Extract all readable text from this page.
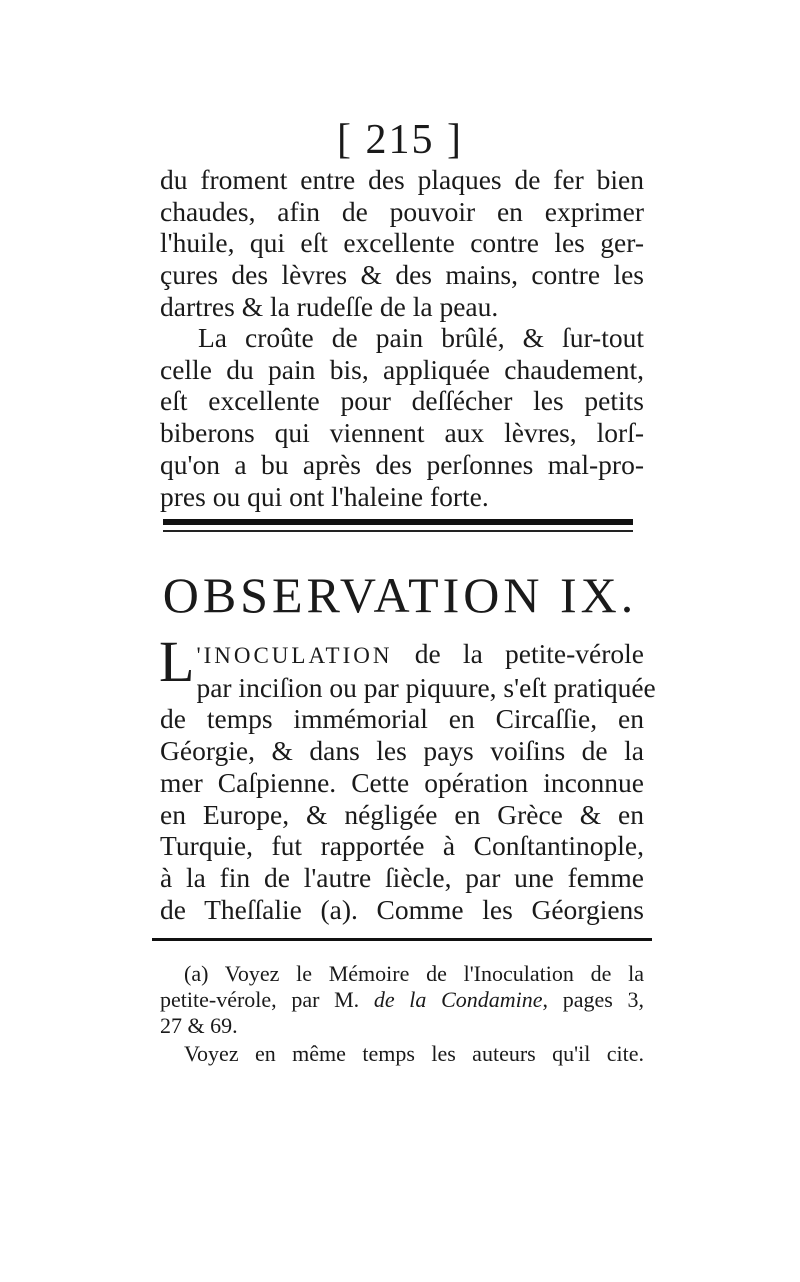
[ 215 ]
du froment entre des plaques de fer bien
chaudes, afin de pouvoir en exprimer
l'huile, qui eſt excellente contre les ger-
çures des lèvres & des mains, contre les
dartres & la rudeſſe de la peau.
La croûte de pain brûlé, & ſur-tout
celle du pain bis, appliquée chaudement,
eſt excellente pour deſſécher les petits
biberons qui viennent aux lèvres, lorſ-
qu'on a bu après des perſonnes mal-pro-
pres ou qui ont l'haleine forte.
OBSERVATION IX.
L 'INOCULATION de la petite-vérole
par inciſion ou par piquure, s'eſt pratiquée
de temps immémorial en Circaſſie, en
Géorgie, & dans les pays voiſins de la
mer Caſpienne. Cette opération inconnue
en Europe, & négligée en Grèce & en
Turquie, fut rapportée à Conſtantinople,
à la fin de l'autre ſiècle, par une femme
de Theſſalie (a). Comme les Géorgiens
(a) Voyez le Mémoire de l'Inoculation de la
petite-vérole, par M. de la Condamine, pages 3,
27 & 69.
Voyez en même temps les auteurs qu'il cite.
